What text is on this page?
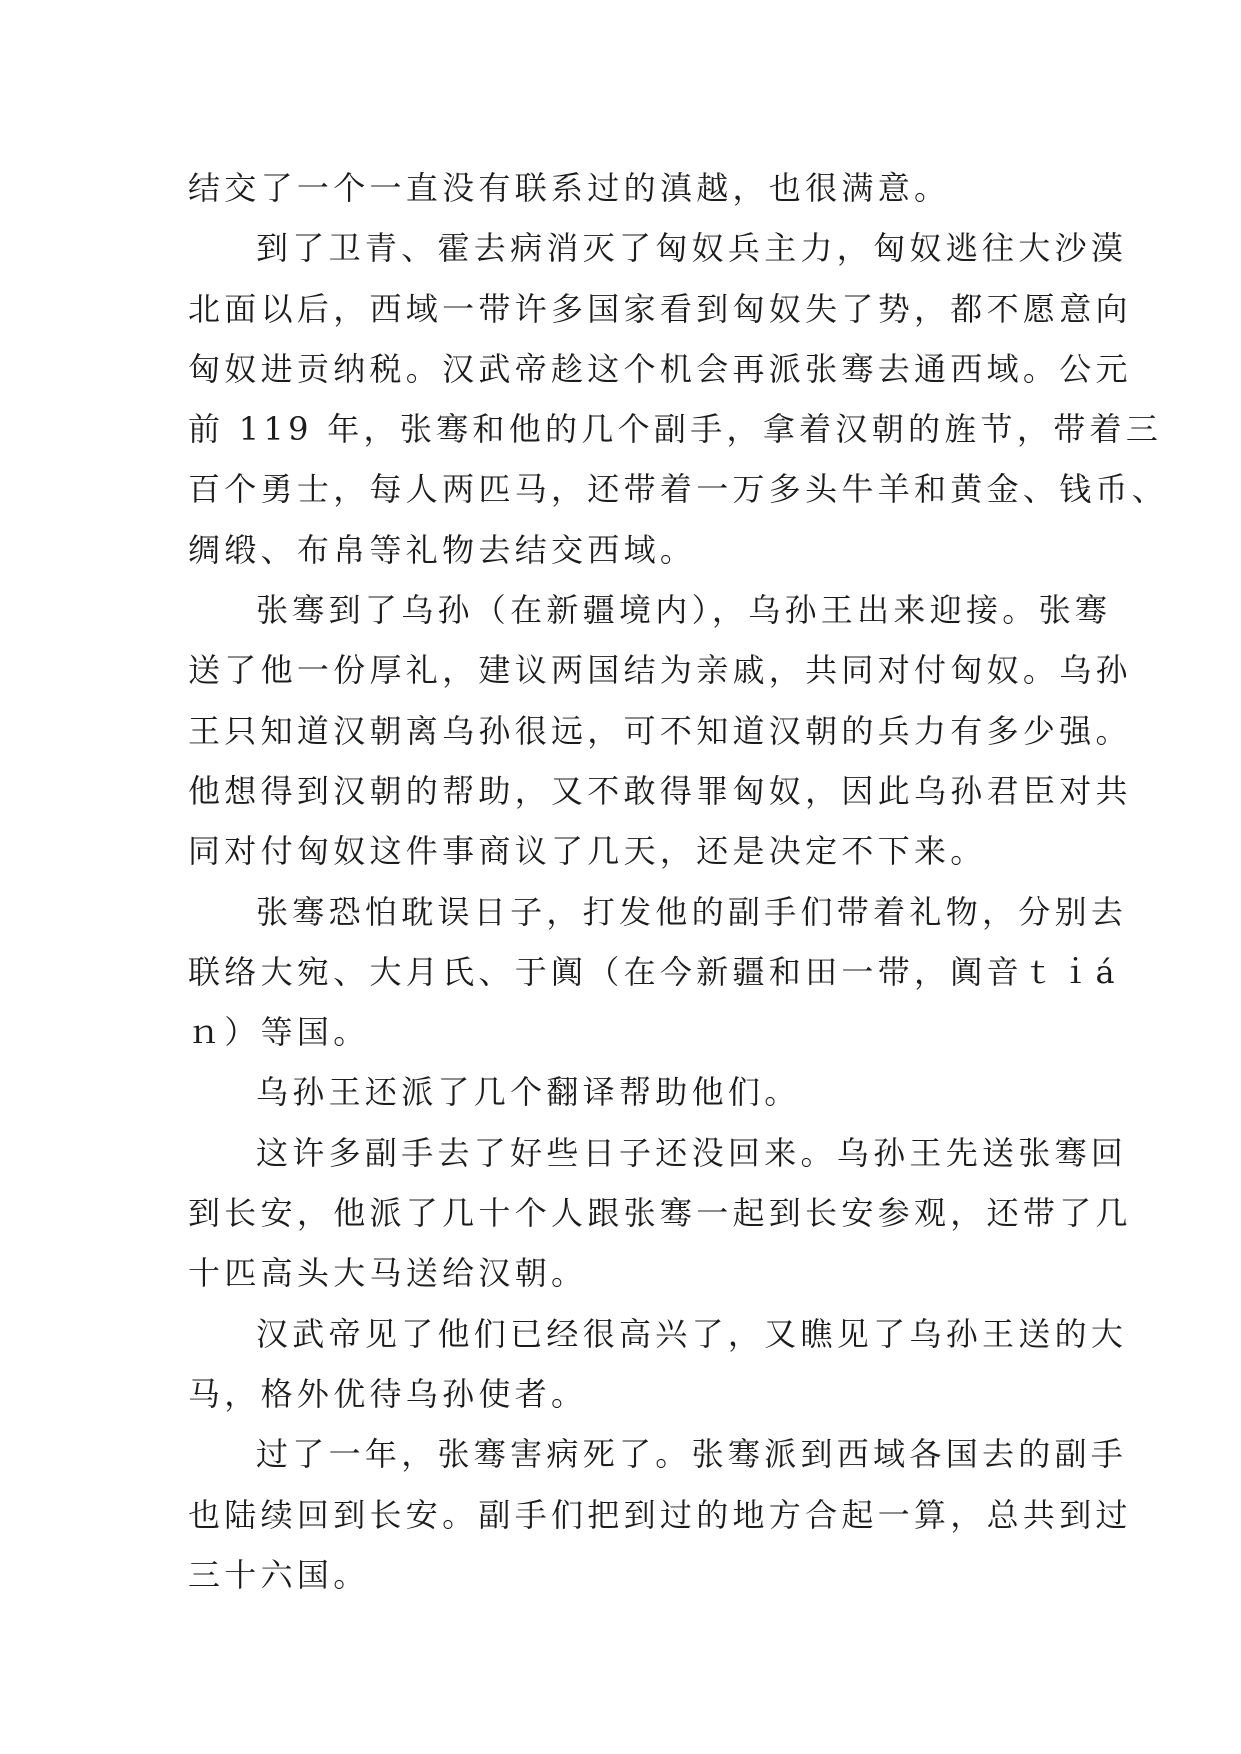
结交了一个一直没有联系过的滇越，也很满意。

到了卫青、霍去病消灭了匈奴兵主力，匈奴逃往大沙漠
北面以后，西域一带许多国家看到匈奴失了势，都不愿意向
匈奴进贡纳税。汉武帝趁这个机会再派张骞去通西域。公元
前 119 年，张骞和他的几个副手，拿着汉朝的旌节，带着三
百个勇士，每人两匹马，还带着一万多头牛羊和黄金、钱币、
绸缎、布帛等礼物去结交西域。

张骞到了乌孙（在新疆境内），乌孙王出来迎接。张骞
送了他一份厚礼，建议两国结为亲戚，共同对付匈奴。乌孙
王只知道汉朝离乌孙很远，可不知道汉朝的兵力有多少强。
他想得到汉朝的帮助，又不敢得罪匈奴，因此乌孙君臣对共
同对付匈奴这件事商议了几天，还是决定不下来。

张骞恐怕耽误日子，打发他的副手们带着礼物，分别去
联络大宛、大月氏、于阗（在今新疆和田一带，阗音ｔｉá
ｎ）等国。

乌孙王还派了几个翻译帮助他们。

这许多副手去了好些日子还没回来。乌孙王先送张骞回
到长安，他派了几十个人跟张骞一起到长安参观，还带了几
十匹高头大马送给汉朝。

汉武帝见了他们已经很高兴了，又瞧见了乌孙王送的大
马，格外优待乌孙使者。

过了一年，张骞害病死了。张骞派到西域各国去的副手
也陆续回到长安。副手们把到过的地方合起一算，总共到过
三十六国。
